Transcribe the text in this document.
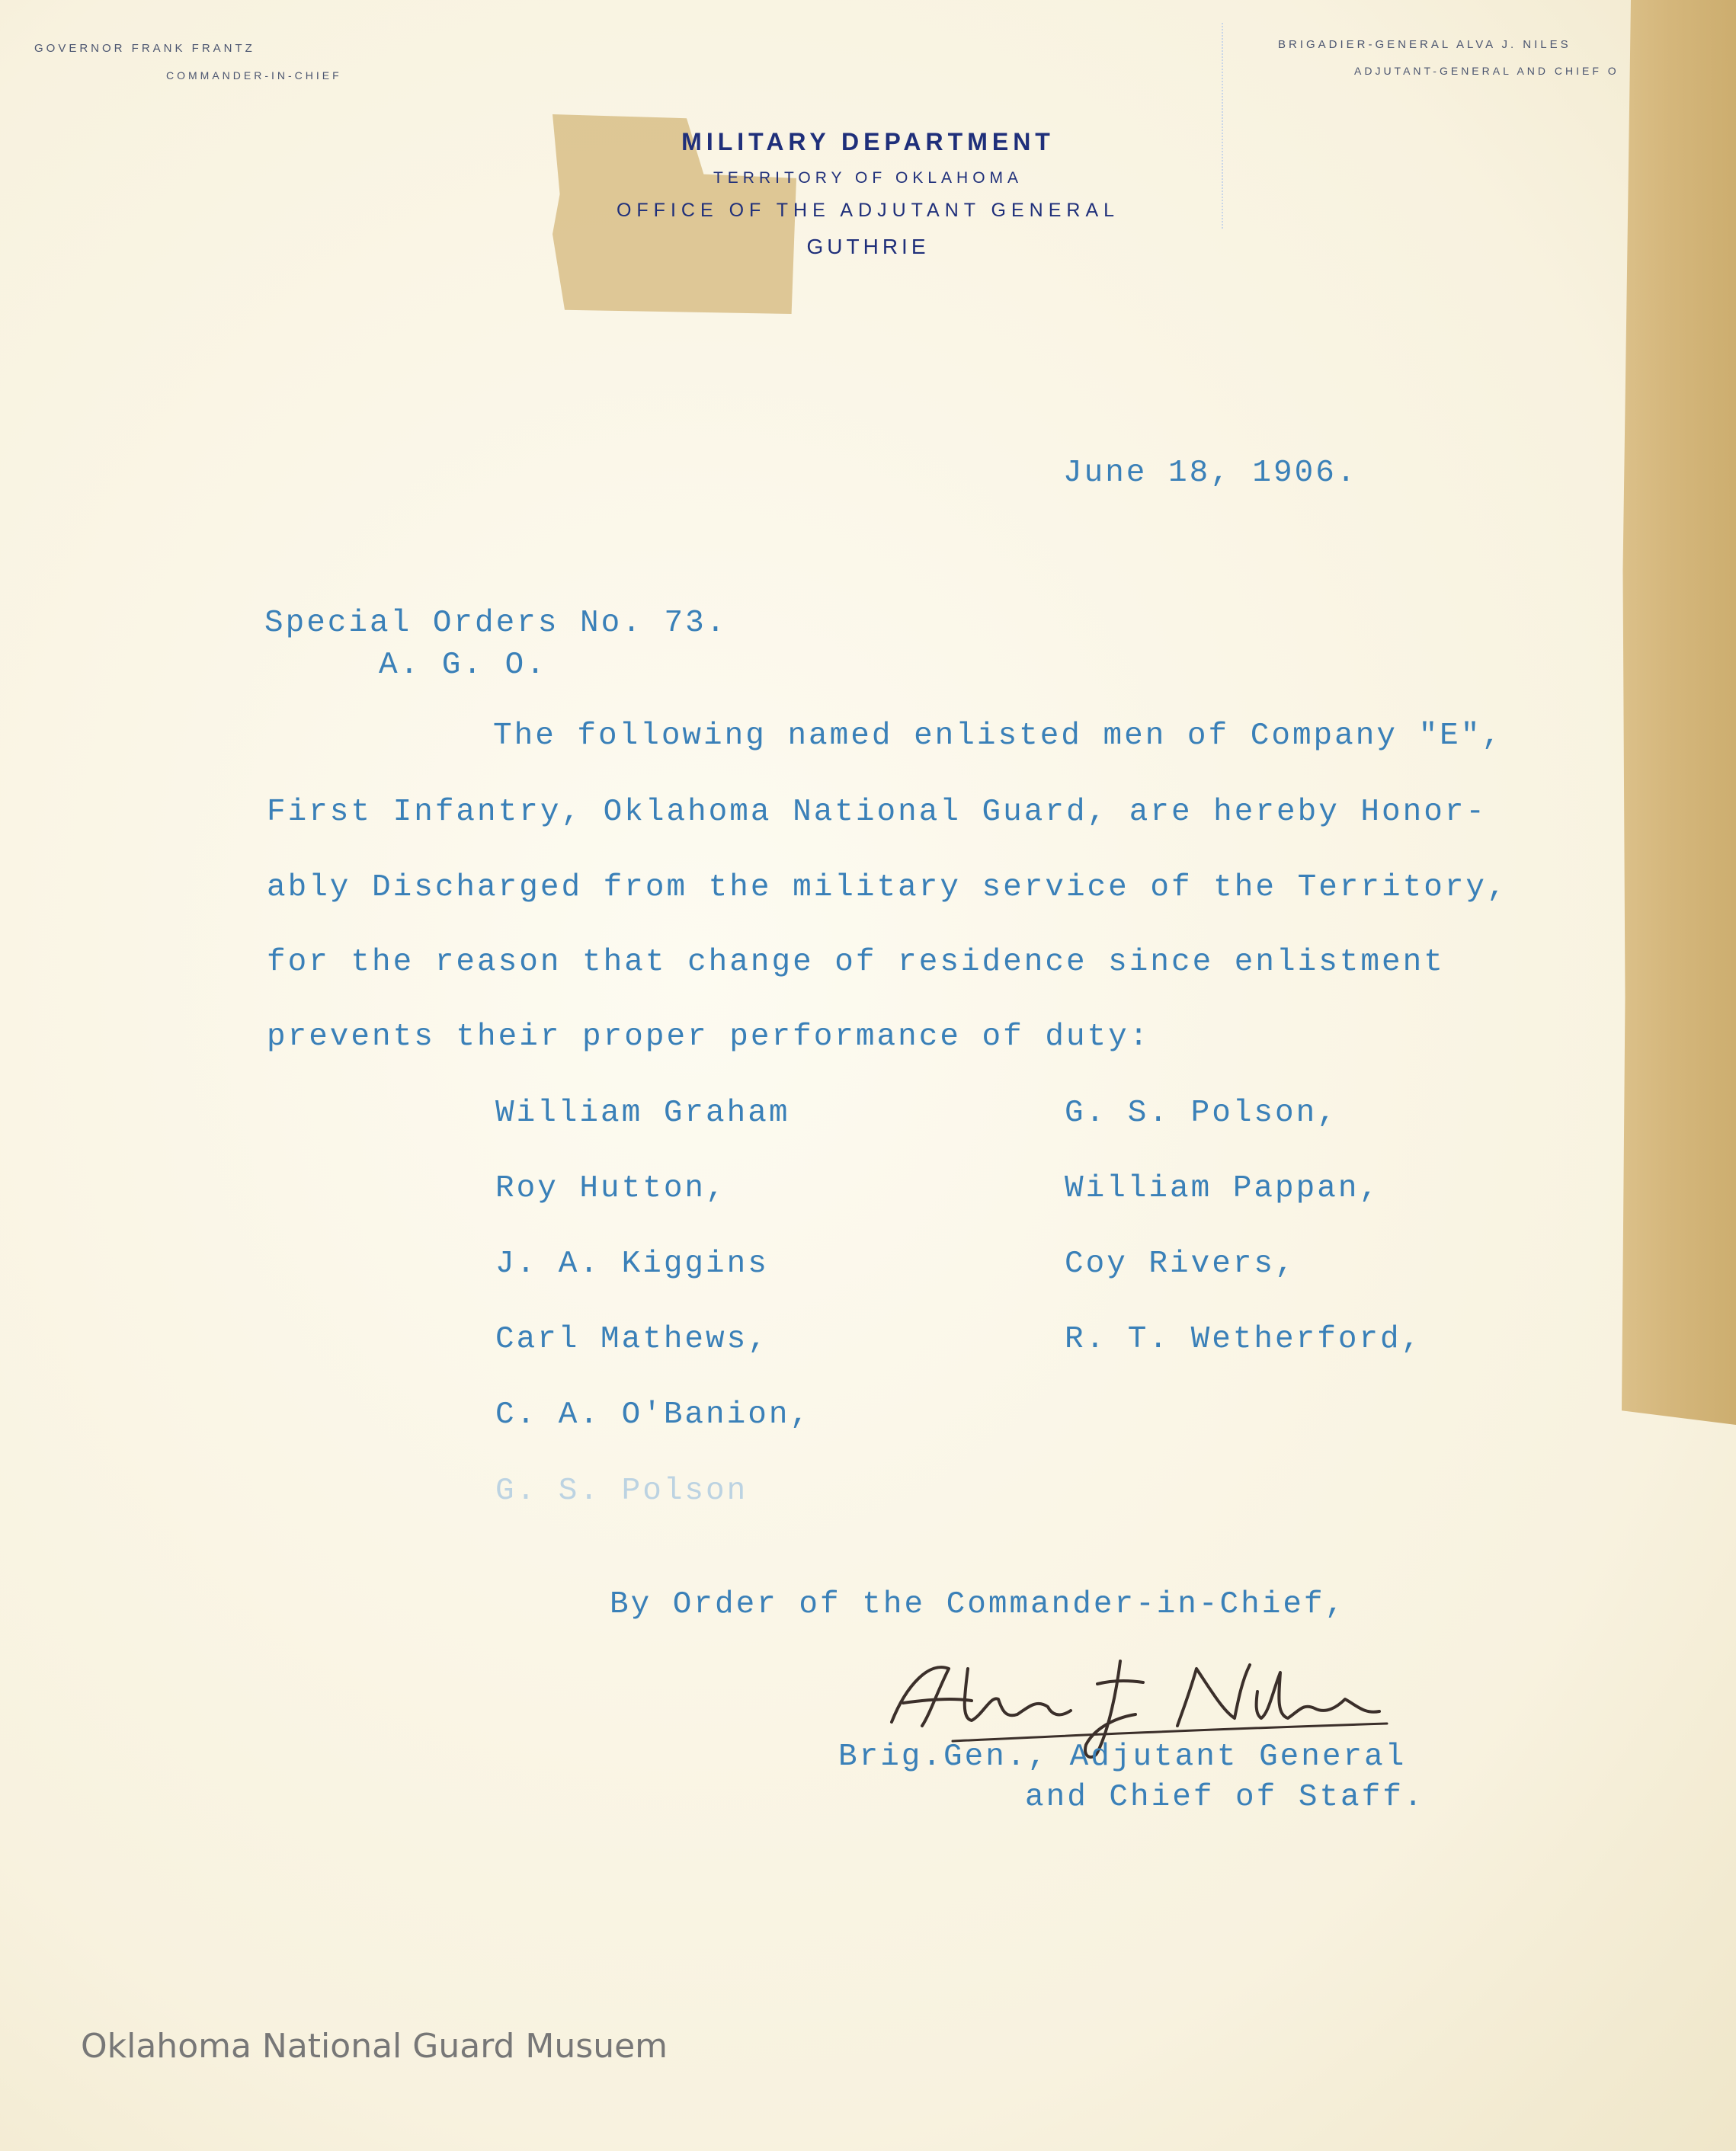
GOVERNOR FRANK FRANTZ
COMMANDER-IN-CHIEF
BRIGADIER-GENERAL ALVA J. NILES
ADJUTANT-GENERAL AND CHIEF O
MILITARY DEPARTMENT
TERRITORY OF OKLAHOMA
OFFICE OF THE ADJUTANT GENERAL
GUTHRIE
June 18, 1906.
Special Orders No. 73.
A. G. O.
The following named enlisted men of Company "E",
First Infantry, Oklahoma National Guard, are hereby Honor-
ably Discharged from the military service of the Territory,
for the reason that change of residence since enlistment
prevents their proper performance of duty:
William Graham
Roy Hutton,
J. A. Kiggins
Carl Mathews,
C. A. O'Banion,
G. S. Polson
G. S. Polson,
William Pappan,
Coy Rivers,
R. T. Wetherford,
By Order of the Commander-in-Chief,
Brig.Gen., Adjutant General
and Chief of Staff.
Oklahoma National Guard Musuem
